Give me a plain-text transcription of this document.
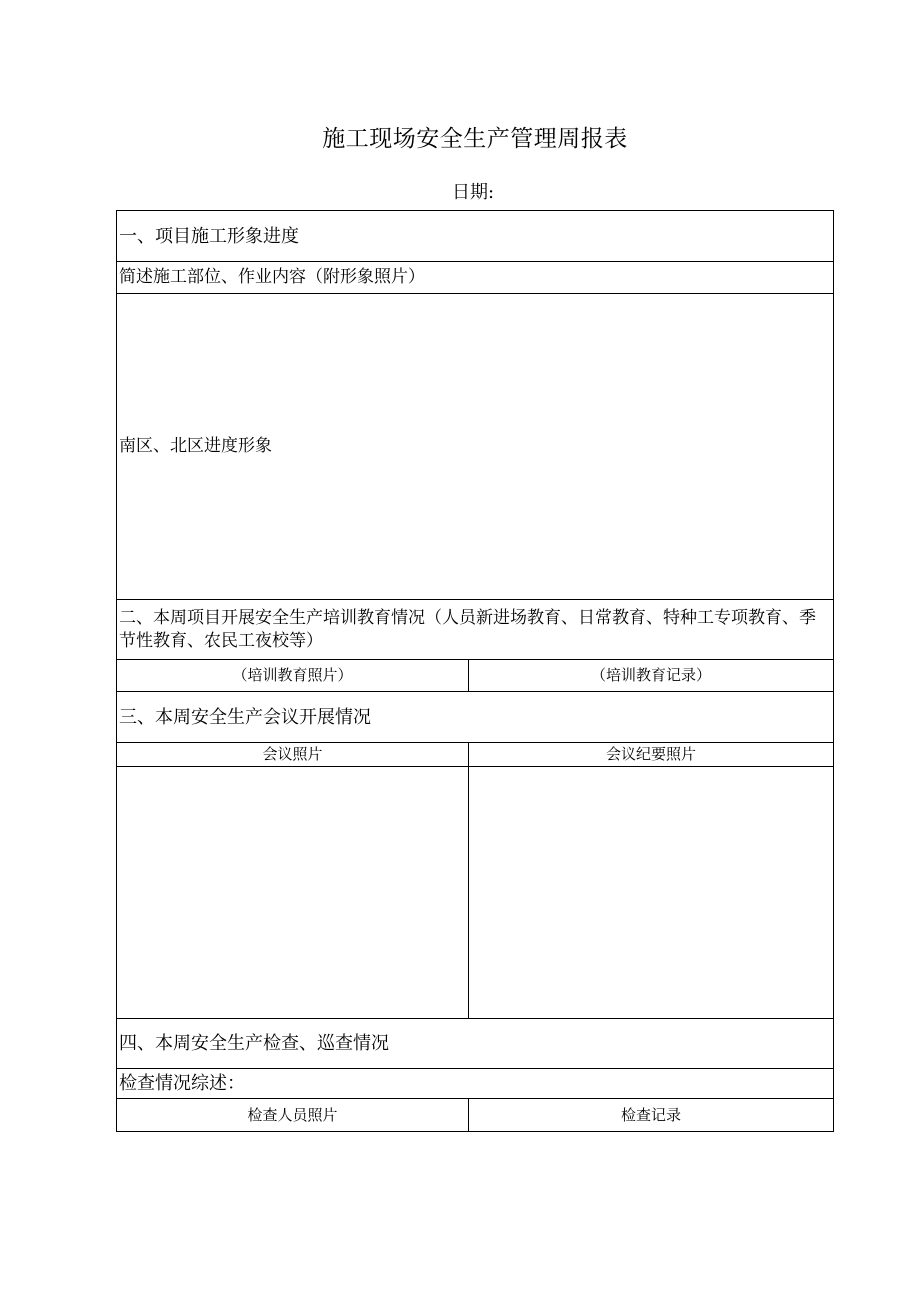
施工现场安全生产管理周报表
日期:
一、项目施工形象进度	
简述施工部位、作业内容（附形象照片）	
南区、北区进度形象	
二、本周项目开展安全生产培训教育情况（人员新进场教育、日常教育、特种工专项教育、季节性教育、农民工夜校等）	
（培训教育照片）	（培训教育记录）
三、本周安全生产会议开展情况	
会议照片	会议纪要照片

四、本周安全生产检查、巡查情况	
检查情况综述：	
检查人员照片	检查记录
